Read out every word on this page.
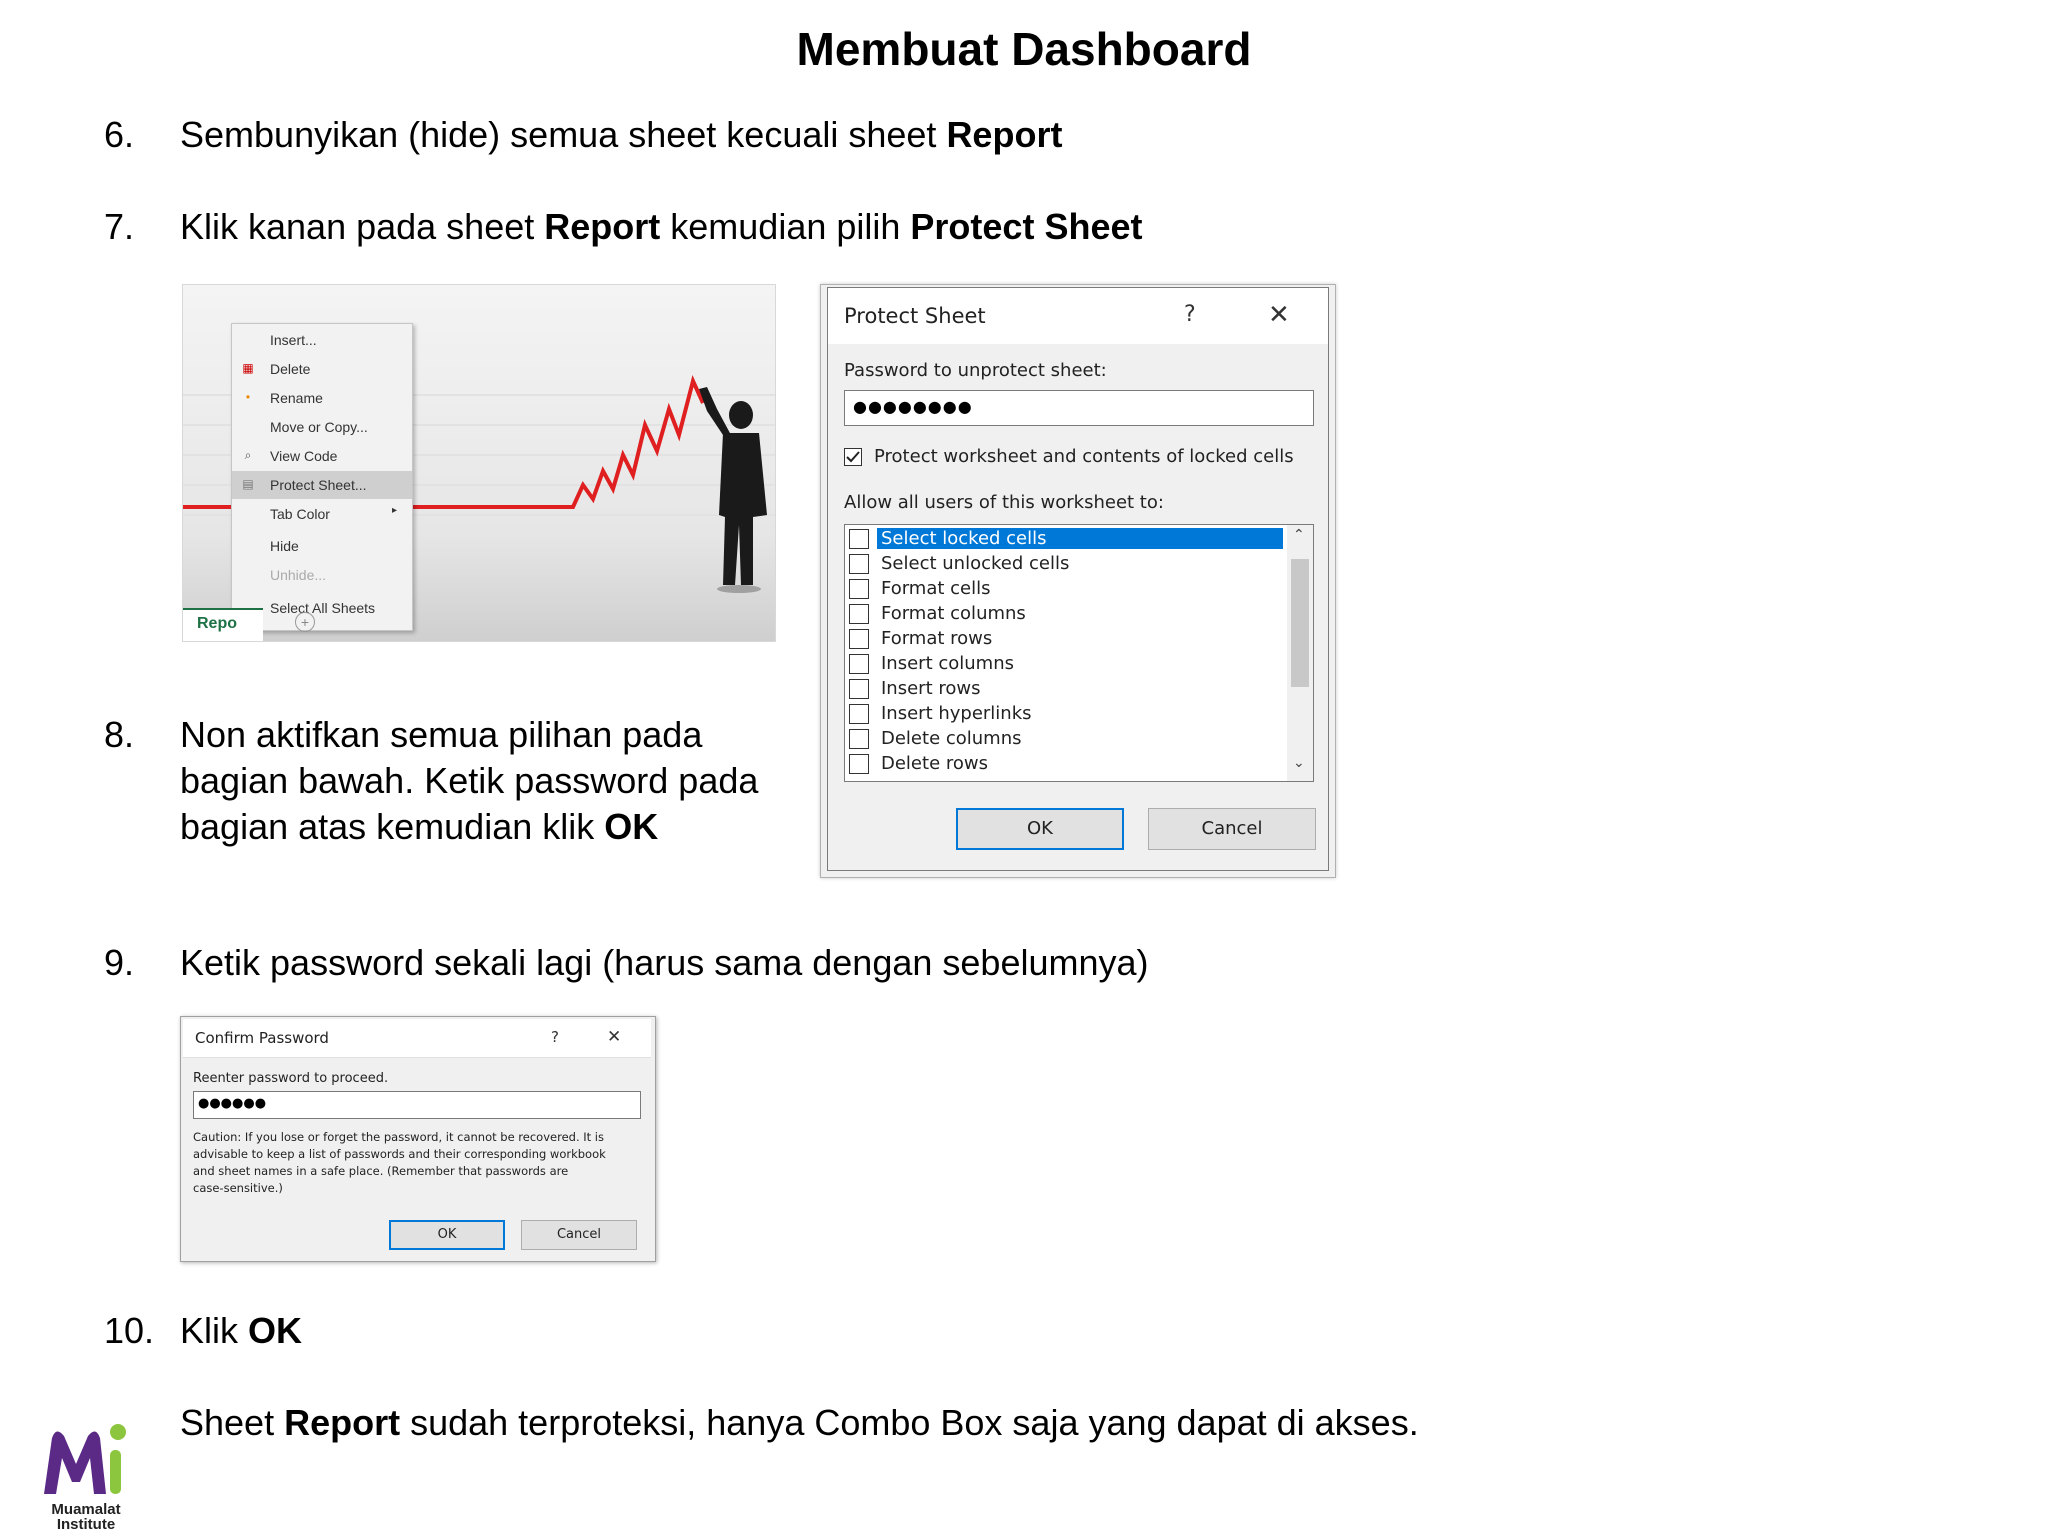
Membuat Dashboard
6. Sembunyikan (hide) semua sheet kecuali sheet Report
7. Klik kanan pada sheet Report kemudian pilih Protect Sheet
Insert...
▦ Delete
•	Rename
Move or Copy...
⌕	View Code
▤ Protect Sheet...
Tab Color	▸
Hide
Unhide...
Select All Sheets
Repo	+
8. Non aktifkan semua pilihan pada
bagian bawah. Ketik password pada
bagian atas kemudian klik OK
Protect Sheet	?	✕
Password to unprotect sheet:
●●●●●●●●
Protect worksheet and contents of locked cells
Allow all users of this worksheet to:
Select locked cells
Select unlocked cells
Format cells
Format columns
Format rows
Insert columns
Insert rows
Insert hyperlinks
Delete columns
Delete rows
⌃
⌄
OK	Cancel
9. Ketik password sekali lagi (harus sama dengan sebelumnya)
Confirm Password	?	✕
Reenter password to proceed.
●●●●●●
Caution: If you lose or forget the password, it cannot be recovered. It is
advisable to keep a list of passwords and their corresponding workbook
and sheet names in a safe place. (Remember that passwords are
case-sensitive.)
OK	Cancel
10. Klik OK
Sheet Report sudah terproteksi, hanya Combo Box saja yang dapat di akses.
Muamalat
Institute
